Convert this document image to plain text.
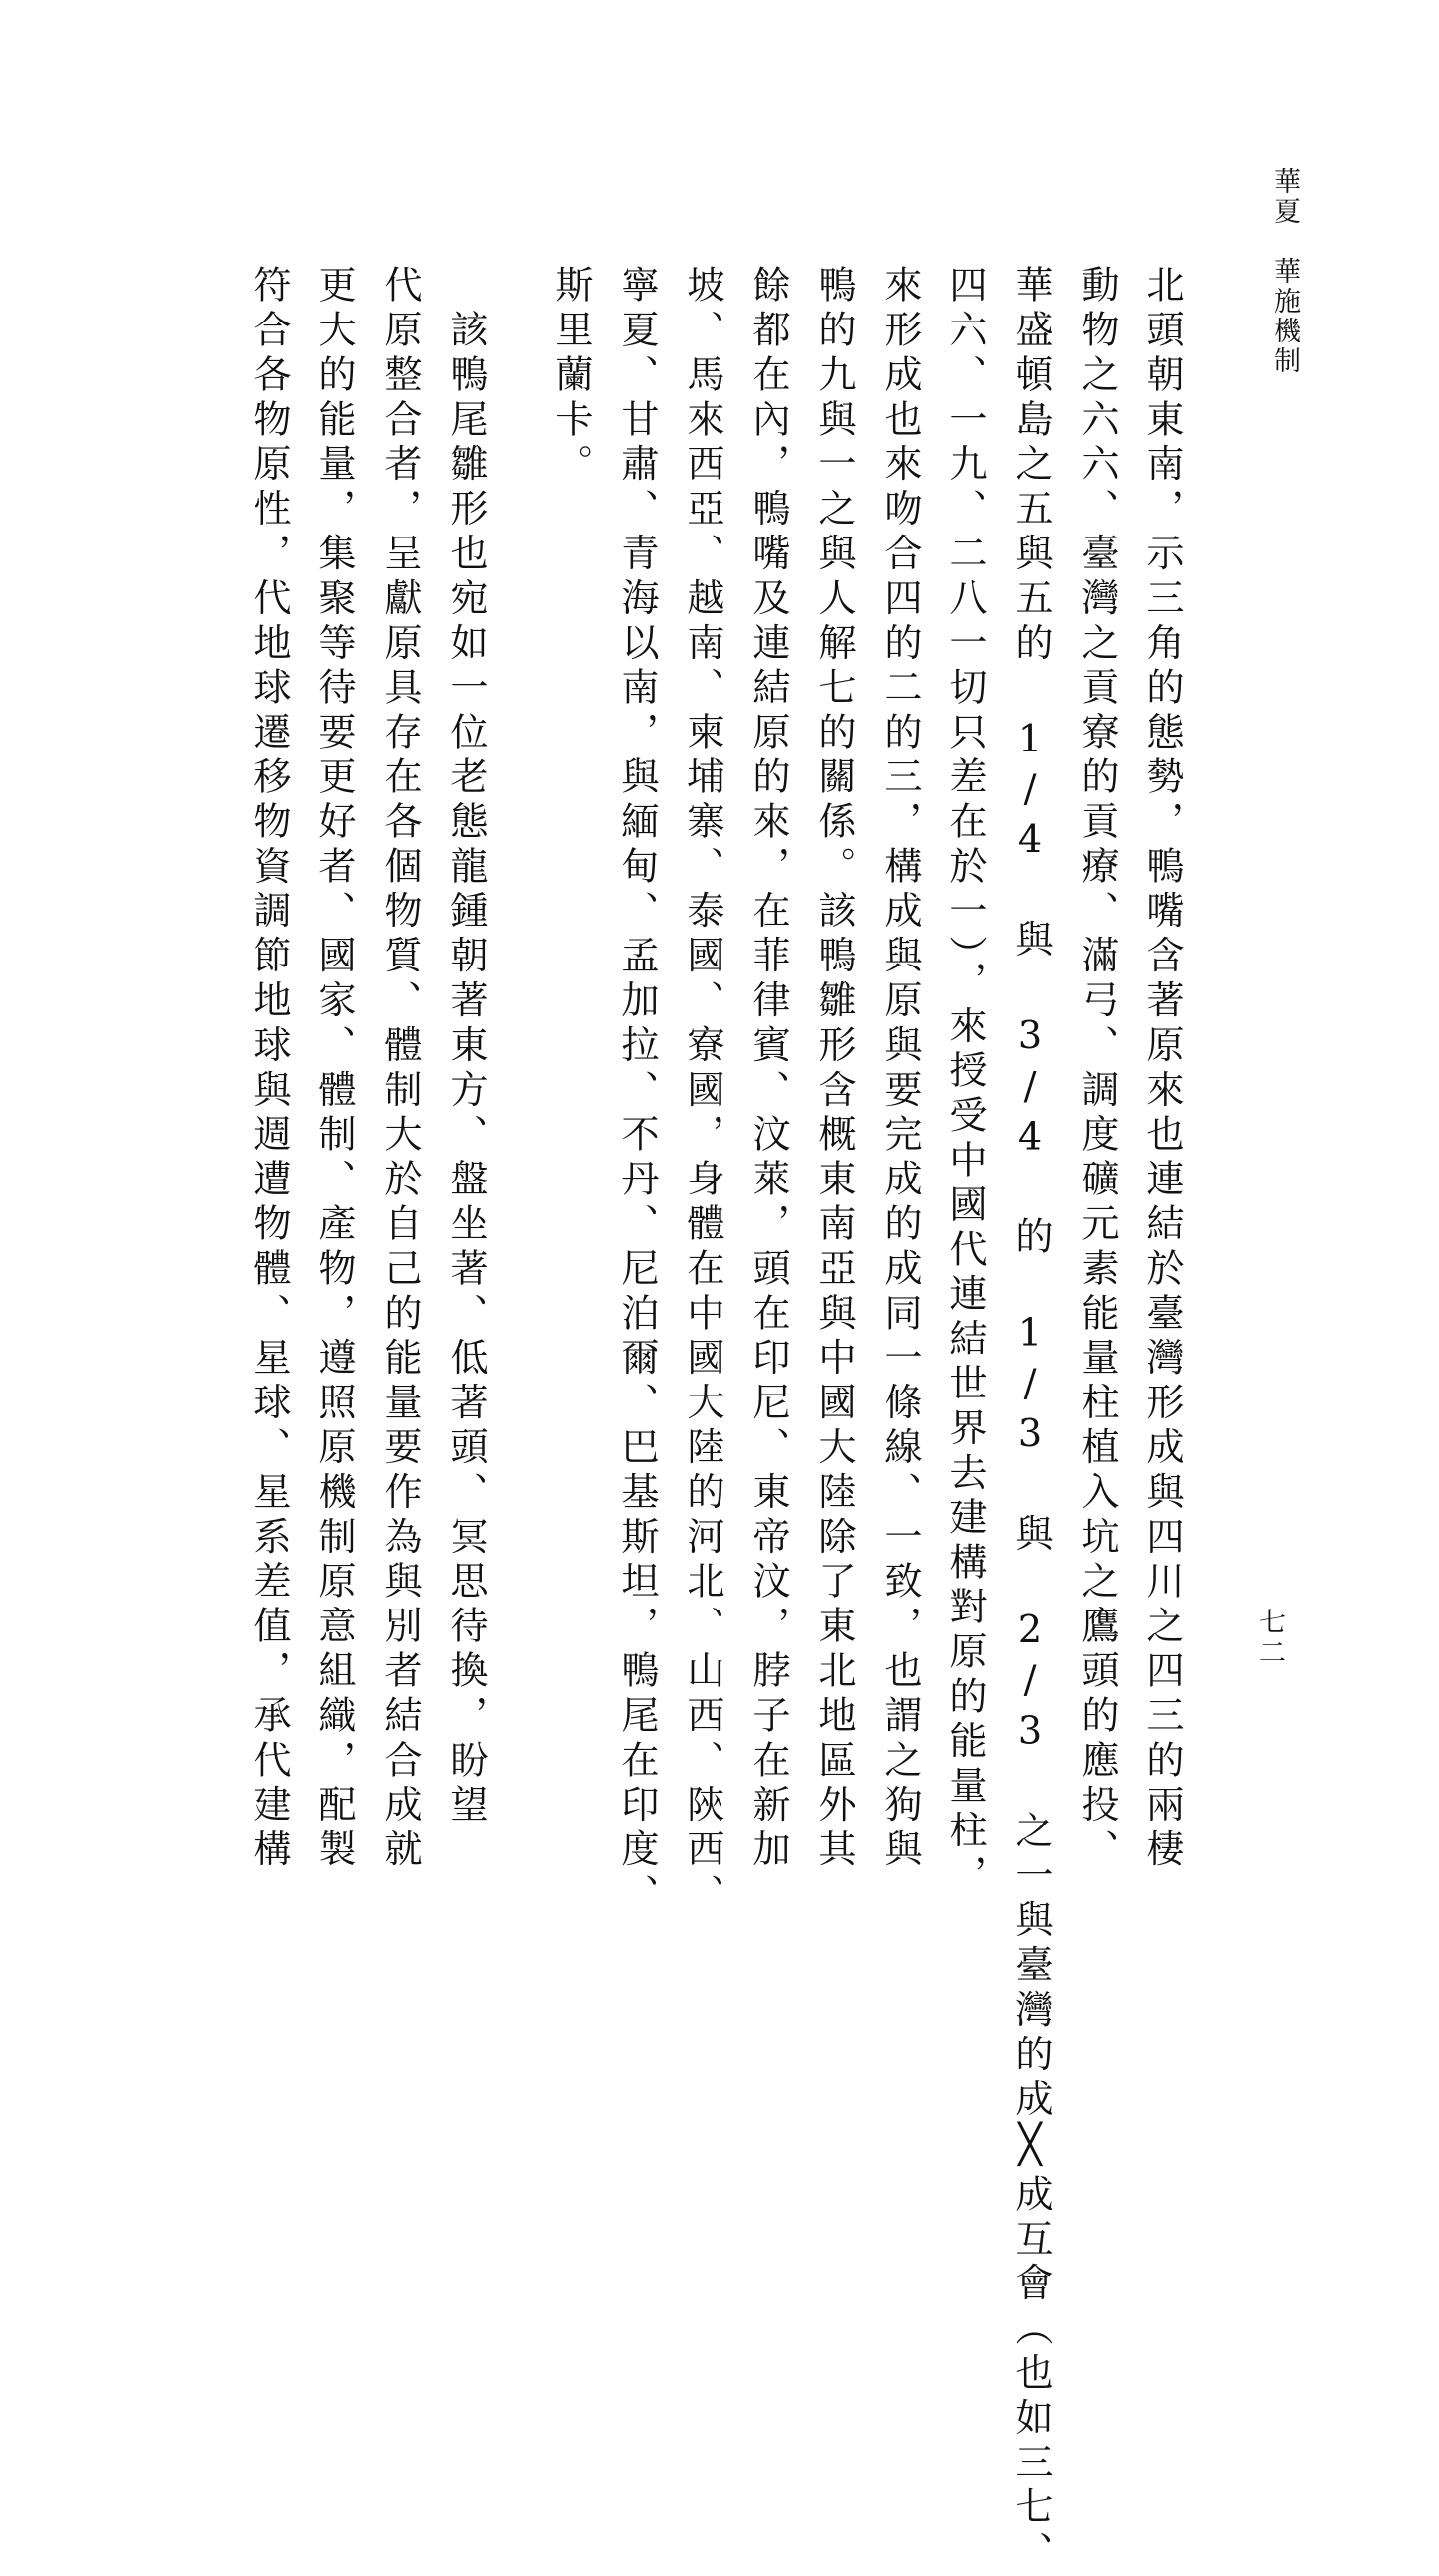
華夏　華施機制
七二
北頭朝東南，示三角的態勢，鴨嘴含著原來也連結於臺灣形成與四川之四三的兩棲
動物之六六、臺灣之貢寮的貢療、滿弓、調度礦元素能量柱植入坑之鷹頭的應投、
華盛頓島之五與五的 1/4 與 3/4 的 1/3 與 2/3 之一與臺灣的成╳成互會（也如三七、
四六、一九、二八一切只差在於一），來授受中國代連結世界去建構對原的能量柱，
來形成也來吻合四的二的三，構成與原與要完成的成同一條線、一致，也謂之狗與
鴨的九與一之與人解七的關係。該鴨雛形含概東南亞與中國大陸除了東北地區外其
餘都在內，鴨嘴及連結原的來，在菲律賓、汶萊，頭在印尼、東帝汶，脖子在新加
坡、馬來西亞、越南、柬埔寨、泰國、寮國，身體在中國大陸的河北、山西、陝西、
寧夏、甘肅、青海以南，與緬甸、孟加拉、不丹、尼泊爾、巴基斯坦，鴨尾在印度、
斯里蘭卡。
　該鴨尾雛形也宛如一位老態龍鍾朝著東方、盤坐著、低著頭、冥思待換，盼望
代原整合者，呈獻原具存在各個物質、體制大於自己的能量要作為與別者結合成就
更大的能量，集聚等待要更好者、國家、體制、產物，遵照原機制原意組織，配製
符合各物原性，代地球遷移物資調節地球與週遭物體、星球、星系差值，承代建構
